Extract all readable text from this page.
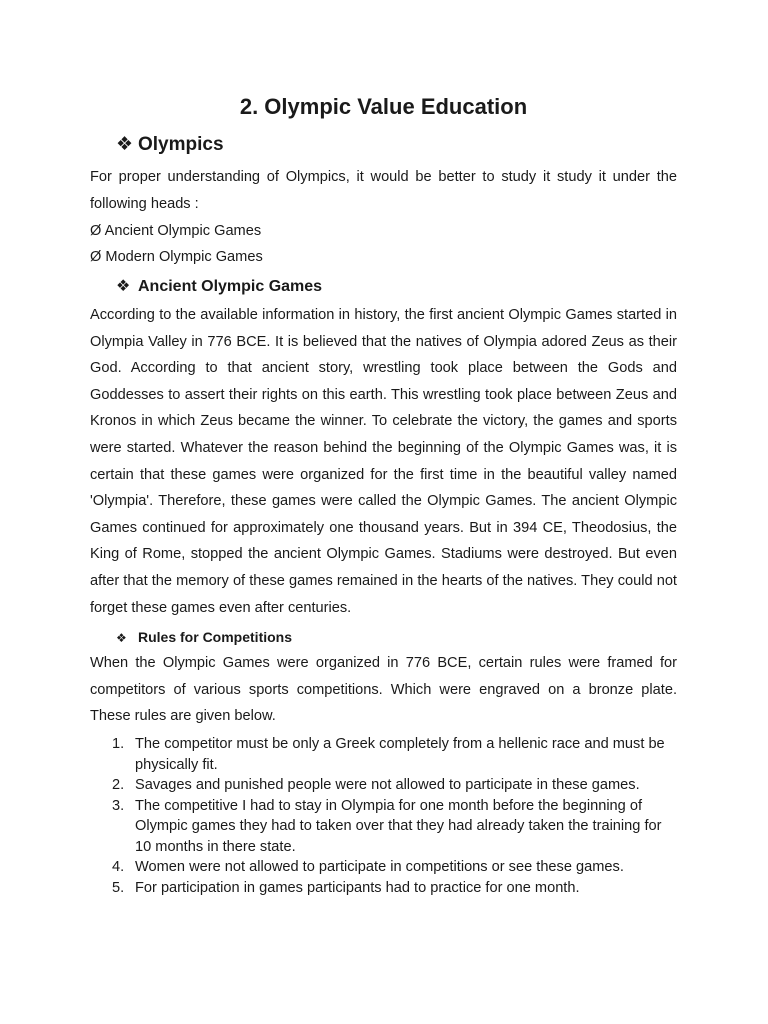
2. Olympic Value Education
❖ Olympics

For proper understanding of Olympics, it would be better to study it study it under the following heads :

Ø Ancient Olympic Games

Ø Modern Olympic Games

❖ Ancient Olympic Games

According to the available information in history, the first ancient Olympic Games started in Olympia Valley in 776 BCE. It is believed that the natives of Olympia adored Zeus as their God. According to that ancient story, wrestling took place between the Gods and Goddesses to assert their rights on this earth. This wrestling took place between Zeus and Kronos in which Zeus became the winner. To celebrate the victory, the games and sports were started. Whatever the reason behind the beginning of the Olympic Games was, it is certain that these games were organized for the first time in the beautiful valley named 'Olympia'. Therefore, these games were called the Olympic Games. The ancient Olympic Games continued for approximately one thousand years. But in 394 CE, Theodosius, the King of Rome, stopped the ancient Olympic Games. Stadiums were destroyed. But even after that the memory of these games remained in the hearts of the natives. They could not forget these games even after centuries.

❖ Rules for Competitions

When the Olympic Games were organized in 776 BCE, certain rules were framed for competitors of various sports competitions. Which were engraved on a bronze plate. These rules are given below.

1. The competitor must be only a Greek completely from a hellenic race and must be physically fit.
2. Savages and punished people were not allowed to participate in these games.
3. The competitive I had to stay in Olympia for one month before the beginning of Olympic games they had to taken over that they had already taken the training for 10 months in there state.
4. Women were not allowed to participate in competitions or see these games.
5. For participation in games participants had to practice for one month.
